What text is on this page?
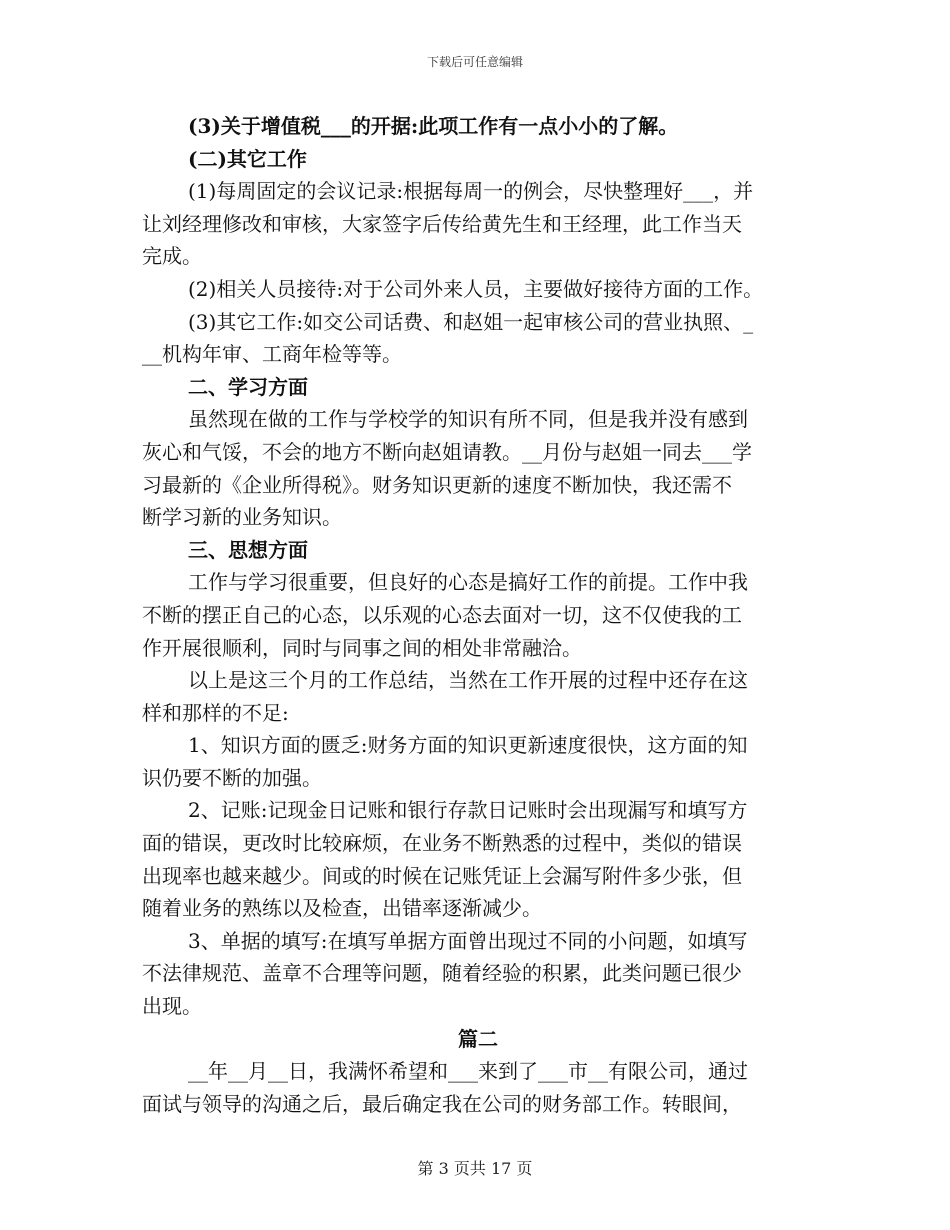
下载后可任意编辑
(3)关于增值税___的开据:此项工作有一点小小的了解。
(二)其它工作
(1)每周固定的会议记录:根据每周一的例会，尽快整理好___，并
让刘经理修改和审核，大家签字后传给黄先生和王经理，此工作当天
完成。
(2)相关人员接待:对于公司外来人员，主要做好接待方面的工作。
(3)其它工作:如交公司话费、和赵姐一起审核公司的营业执照、_
__机构年审、工商年检等等。
二、学习方面
虽然现在做的工作与学校学的知识有所不同，但是我并没有感到
灰心和气馁，不会的地方不断向赵姐请教。__月份与赵姐一同去___学
习最新的《企业所得税》。财务知识更新的速度不断加快，我还需不
断学习新的业务知识。
三、思想方面
工作与学习很重要，但良好的心态是搞好工作的前提。工作中我
不断的摆正自己的心态，以乐观的心态去面对一切，这不仅使我的工
作开展很顺利，同时与同事之间的相处非常融洽。
以上是这三个月的工作总结，当然在工作开展的过程中还存在这
样和那样的不足:
1、知识方面的匮乏:财务方面的知识更新速度很快，这方面的知
识仍要不断的加强。
2、记账:记现金日记账和银行存款日记账时会出现漏写和填写方
面的错误，更改时比较麻烦，在业务不断熟悉的过程中，类似的错误
出现率也越来越少。间或的时候在记账凭证上会漏写附件多少张，但
随着业务的熟练以及检查，出错率逐渐减少。
3、单据的填写:在填写单据方面曾出现过不同的小问题，如填写
不法律规范、盖章不合理等问题，随着经验的积累，此类问题已很少
出现。
篇二
__年__月__日，我满怀希望和___来到了___市__有限公司，通过
面试与领导的沟通之后，最后确定我在公司的财务部工作。转眼间，
第 3 页共 17 页
